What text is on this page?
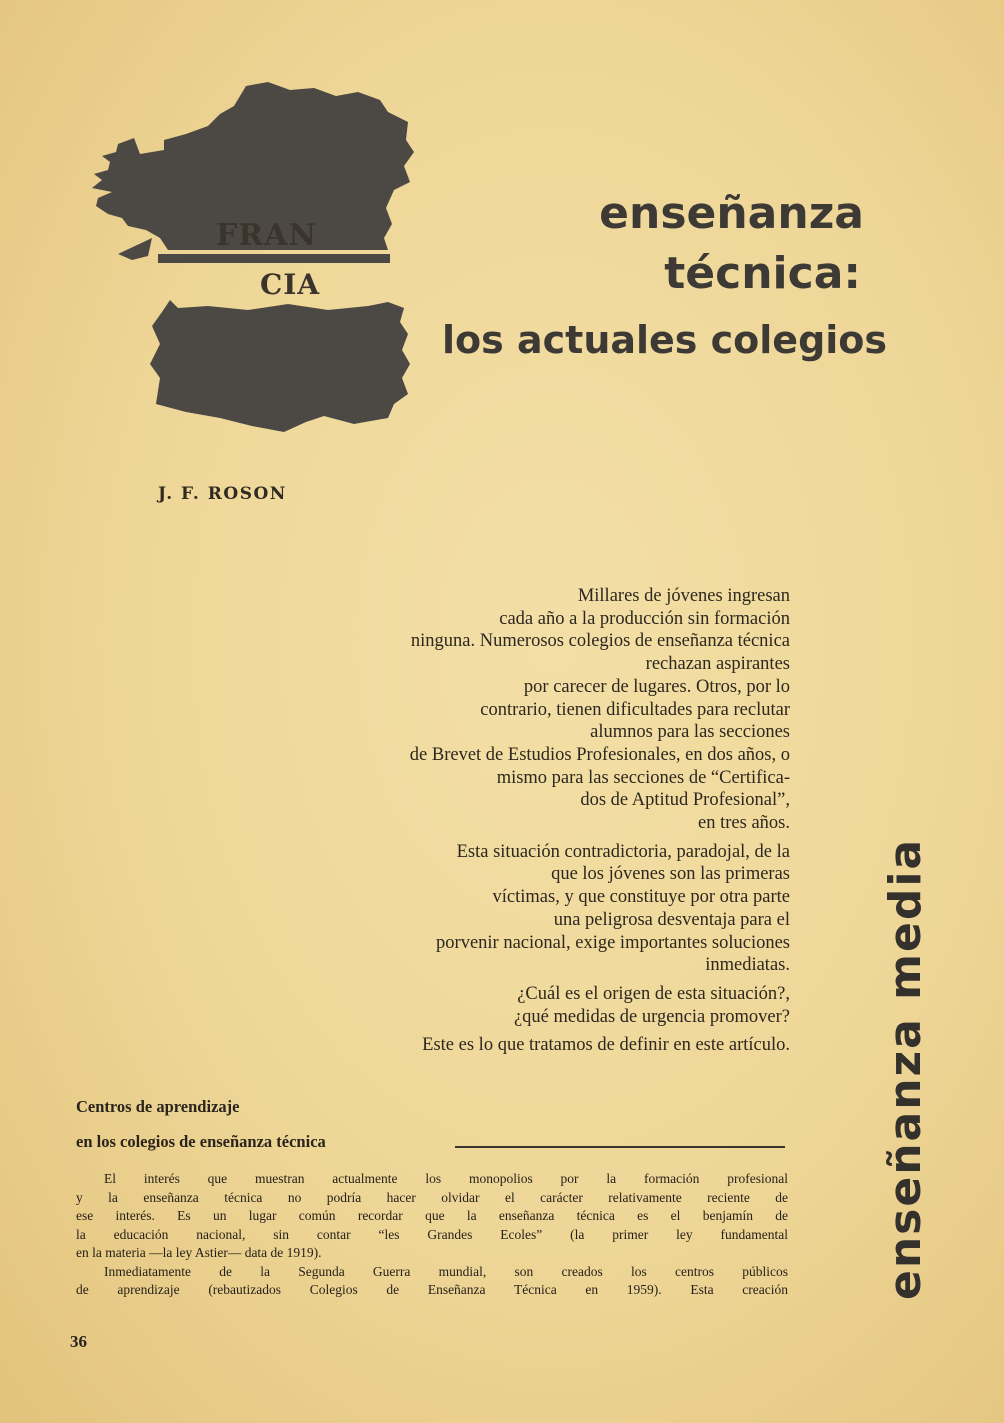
FRAN
CIA
enseñanza
técnica:
los actuales colegios
J. F. ROSON
Millares de jóvenes ingresan
cada año a la producción sin formación
ninguna. Numerosos colegios de enseñanza técnica
rechazan aspirantes
por carecer de lugares. Otros, por lo
contrario, tienen dificultades para reclutar
alumnos para las secciones
de Brevet de Estudios Profesionales, en dos años, o
mismo para las secciones de “Certifica-
dos de Aptitud Profesional”,
en tres años.
Esta situación contradictoria, paradojal, de la
que los jóvenes son las primeras
víctimas, y que constituye por otra parte
una peligrosa desventaja para el
porvenir nacional, exige importantes soluciones
inmediatas.
¿Cuál es el origen de esta situación?,
¿qué medidas de urgencia promover?
Este es lo que tratamos de definir en este artículo.
Centros de aprendizaje
en los colegios de enseñanza técnica
El interés que muestran actualmente los monopolios por la formación profesional
y la enseñanza técnica no podría hacer olvidar el carácter relativamente reciente de
ese interés. Es un lugar común recordar que la enseñanza técnica es el benjamín de
la educación nacional, sin contar “les Grandes Ecoles” (la primer ley fundamental
en la materia —la ley Astier— data de 1919).
Inmediatamente de la Segunda Guerra mundial, son creados los centros públicos
de aprendizaje (rebautizados Colegios de Enseñanza Técnica en 1959). Esta creación enseñanza media
36
